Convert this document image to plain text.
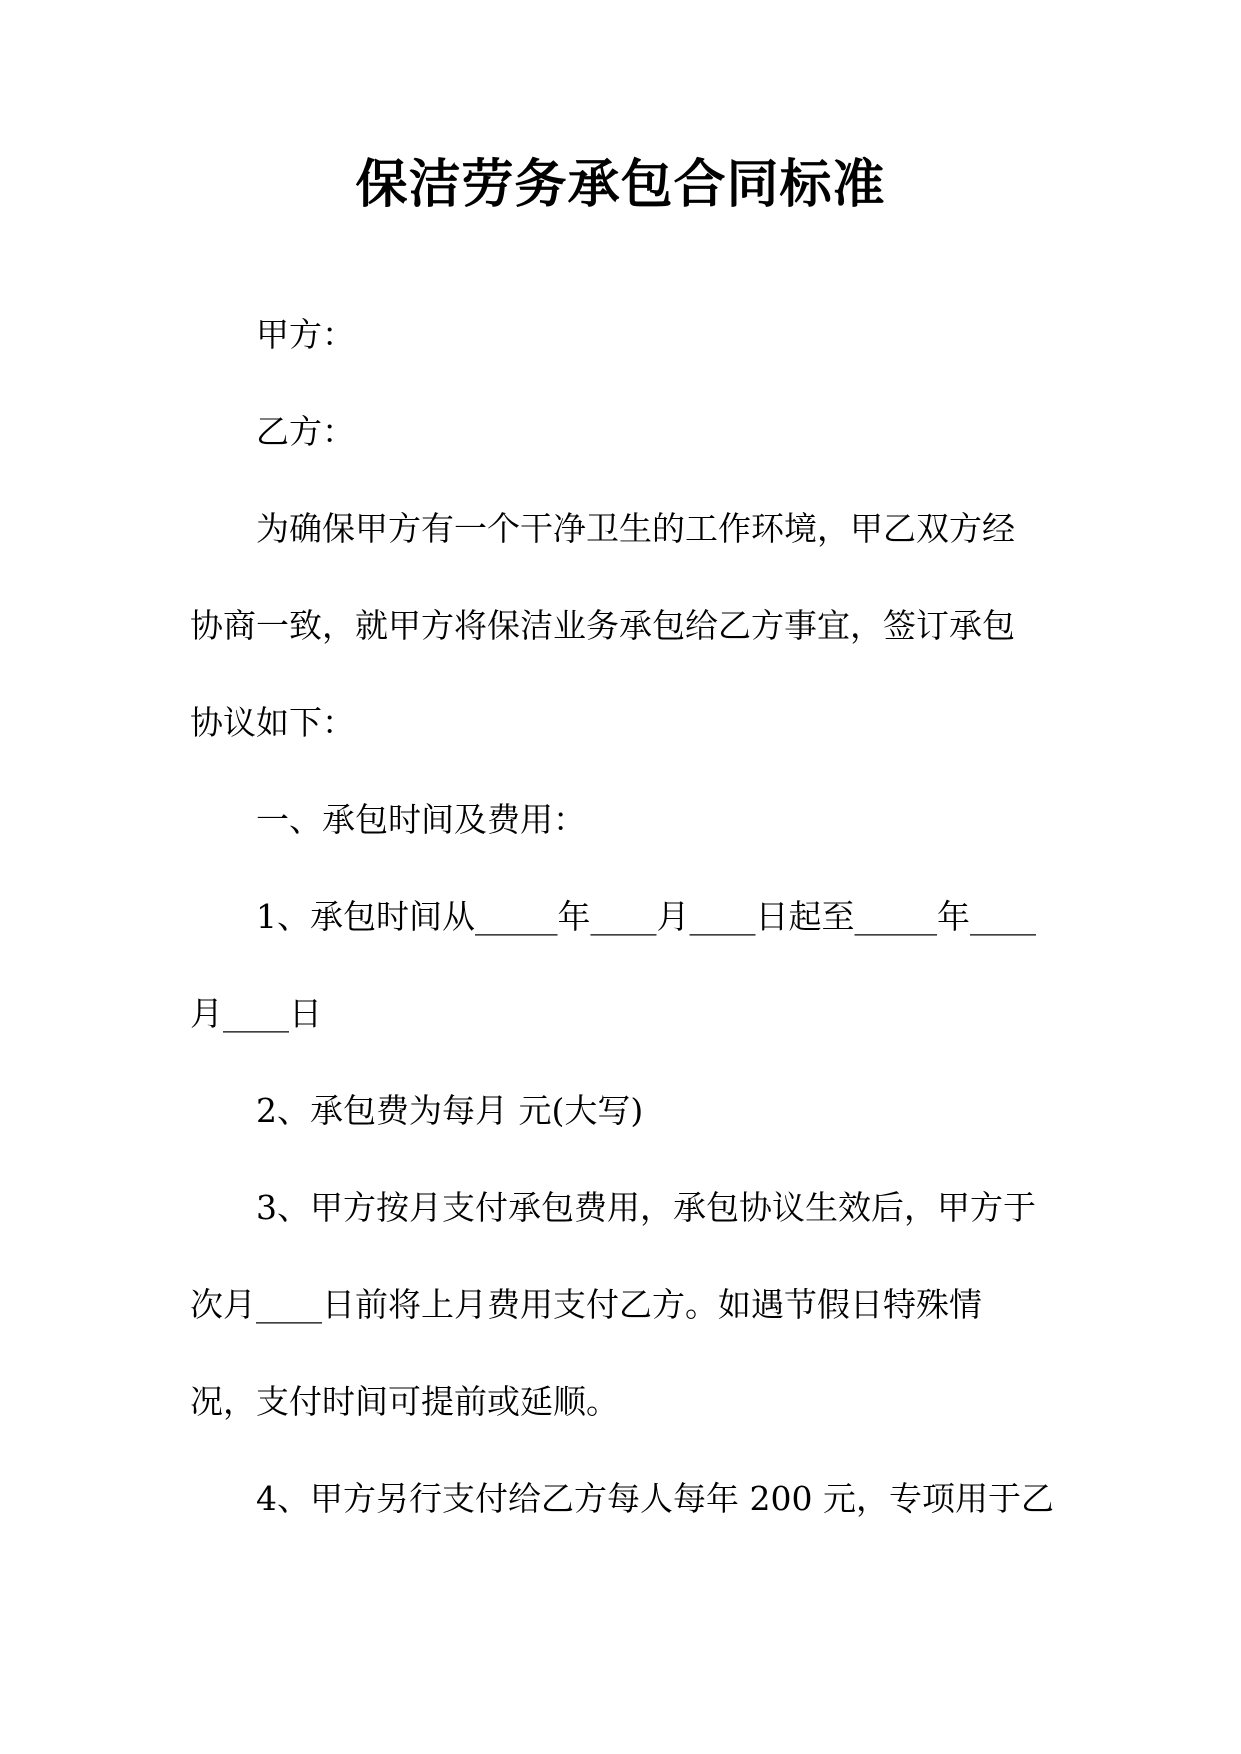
保洁劳务承包合同标准

甲方：

乙方：

为确保甲方有一个干净卫生的工作环境，甲乙双方经

协商一致，就甲方将保洁业务承包给乙方事宜，签订承包

协议如下：

一、承包时间及费用：

1、承包时间从_____年____月____日起至_____年____

月____日

2、承包费为每月 元(大写)

3、甲方按月支付承包费用，承包协议生效后，甲方于

次月____日前将上月费用支付乙方。如遇节假日特殊情

况，支付时间可提前或延顺。

4、甲方另行支付给乙方每人每年 200 元，专项用于乙
